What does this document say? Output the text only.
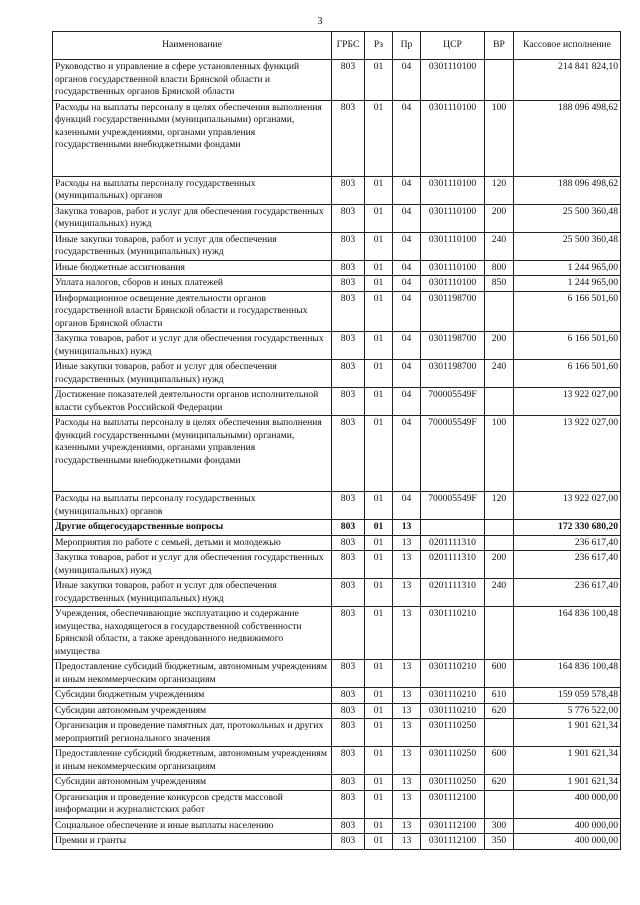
3
Наименование	ГРБС	Рз	Пр	ЦСР	ВР	Кассовое исполнение
Руководство и управление в сфере установленных функций органов государственной власти Брянской области и государственных органов Брянской области	803	01	04	0301110100		214 841 824,10
Расходы на выплаты персоналу в целях обеспечения выполнения функций государственными (муниципальными) органами, казенными учреждениями, органами управления государственными внебюджетными фондами	803	01	04	0301110100	100	188 096 498,62
Расходы на выплаты персоналу государственных (муниципальных) органов	803	01	04	0301110100	120	188 096 498,62
Закупка товаров, работ и услуг для обеспечения государственных (муниципальных) нужд	803	01	04	0301110100	200	25 500 360,48
Иные закупки товаров, работ и услуг для обеспечения государственных (муниципальных) нужд	803	01	04	0301110100	240	25 500 360,48
Иные бюджетные ассигнования	803	01	04	0301110100	800	1 244 965,00
Уплата налогов, сборов и иных платежей	803	01	04	0301110100	850	1 244 965,00
Информационное освещение деятельности органов государственной власти Брянской области и государственных органов Брянской области	803	01	04	0301198700		6 166 501,60
Закупка товаров, работ и услуг для обеспечения государственных (муниципальных) нужд	803	01	04	0301198700	200	6 166 501,60
Иные закупки товаров, работ и услуг для обеспечения государственных (муниципальных) нужд	803	01	04	0301198700	240	6 166 501,60
Достижение показателей деятельности органов исполнительной власти субъектов Российской Федерации	803	01	04	700005549F		13 922 027,00
Расходы на выплаты персоналу в целях обеспечения выполнения функций государственными (муниципальными) органами, казенными учреждениями, органами управления государственными внебюджетными фондами	803	01	04	700005549F	100	13 922 027,00
Расходы на выплаты персоналу государственных (муниципальных) органов	803	01	04	700005549F	120	13 922 027,00
Другие общегосударственные вопросы	803	01	13			172 330 680,20
Мероприятия по работе с семьей, детьми и молодежью	803	01	13	0201111310		236 617,40
Закупка товаров, работ и услуг для обеспечения государственных (муниципальных) нужд	803	01	13	0201111310	200	236 617,40
Иные закупки товаров, работ и услуг для обеспечения государственных (муниципальных) нужд	803	01	13	0201111310	240	236 617,40
Учреждения, обеспечивающие эксплуатацию и содержание имущества, находящегося в государственной собственности Брянской области, а также арендованного недвижимого имущества	803	01	13	0301110210		164 836 100,48
Предоставление субсидий бюджетным, автономным учреждениям и иным некоммерческим организациям	803	01	13	0301110210	600	164 836 100,48
Субсидии бюджетным учреждениям	803	01	13	0301110210	610	159 059 578,48
Субсидии автономным учреждениям	803	01	13	0301110210	620	5 776 522,00
Организация и проведение памятных дат, протокольных и других мероприятий регионального значения	803	01	13	0301110250		1 901 621,34
Предоставление субсидий бюджетным, автономным учреждениям и иным некоммерческим организациям	803	01	13	0301110250	600	1 901 621,34
Субсидии автономным учреждениям	803	01	13	0301110250	620	1 901 621,34
Организация и проведение конкурсов средств массовой информации и журналистских работ	803	01	13	0301112100		400 000,00
Социальное обеспечение и иные выплаты населению	803	01	13	0301112100	300	400 000,00
Премии и гранты	803	01	13	0301112100	350	400 000,00
